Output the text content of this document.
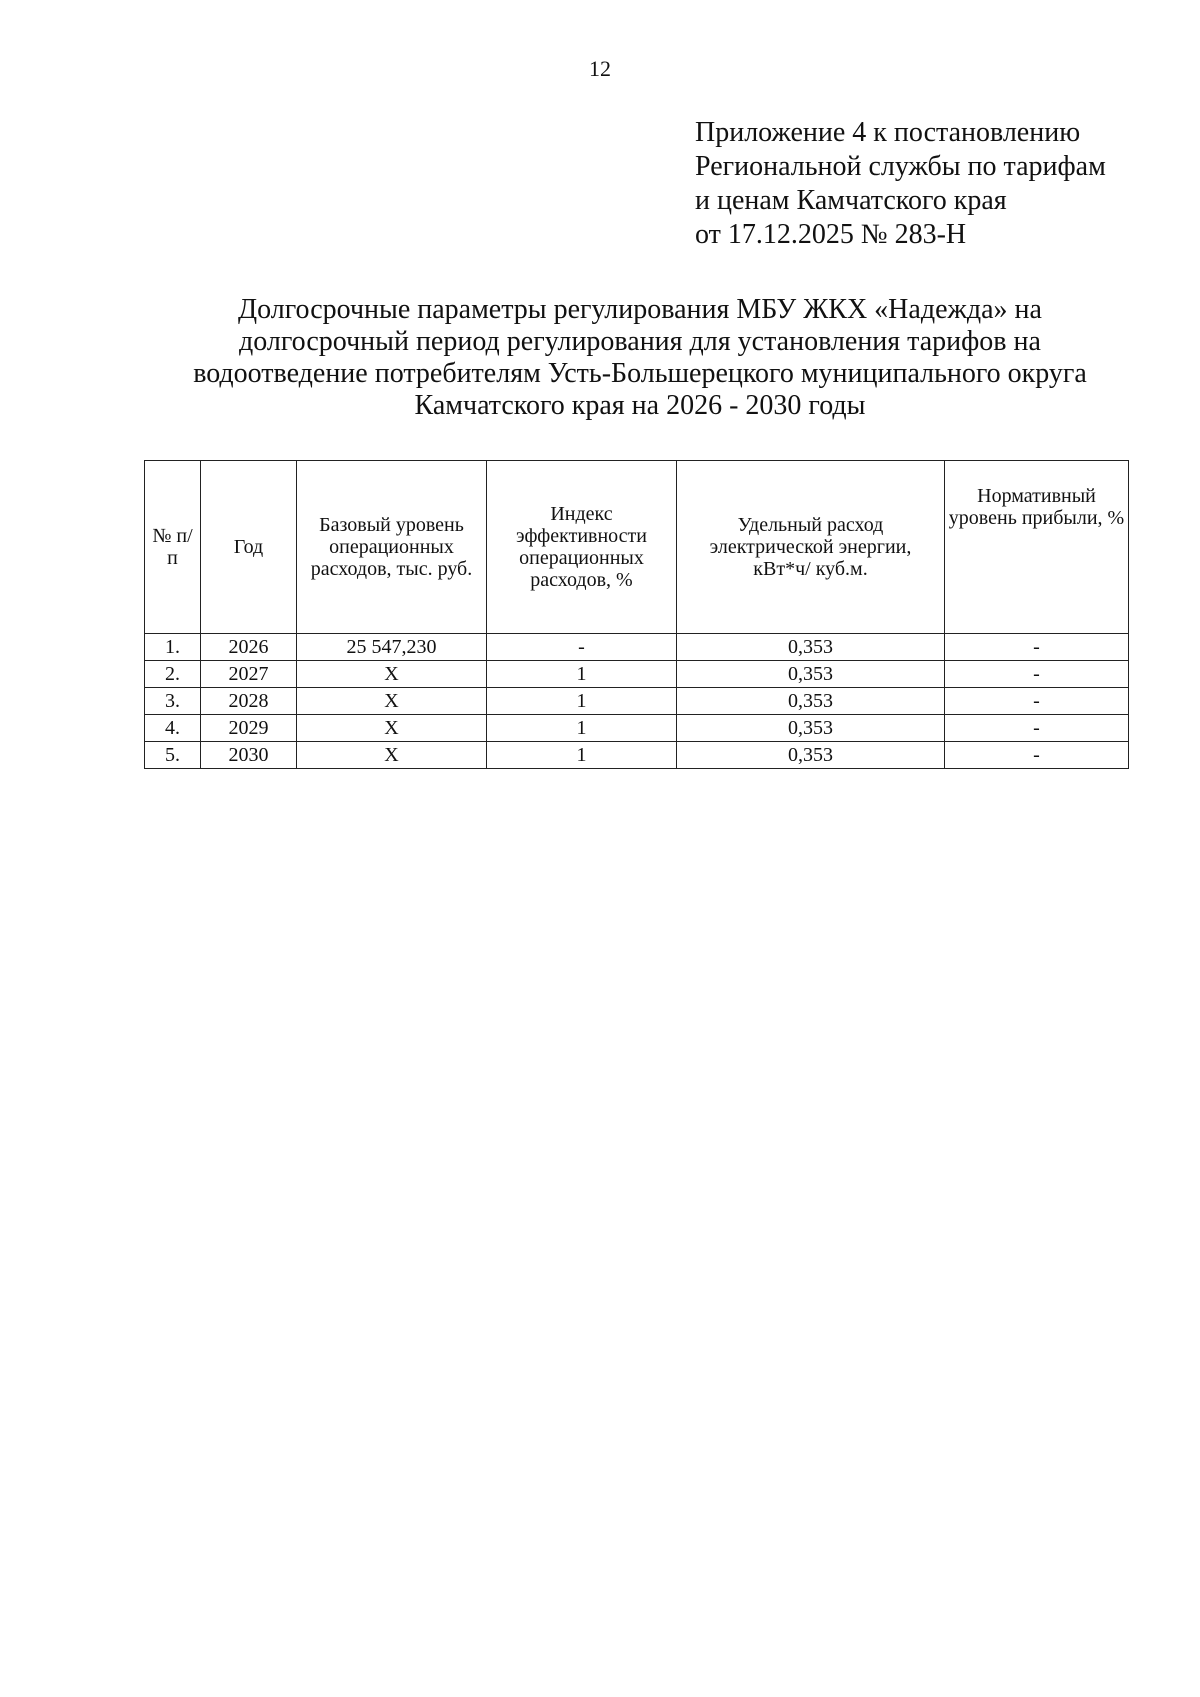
12
Приложение 4 к постановлению
Региональной службы по тарифам
и ценам Камчатского края
от 17.12.2025 № 283-Н
Долгосрочные параметры регулирования МБУ ЖКХ «Надежда» на
долгосрочный период регулирования для установления тарифов на
водоотведение потребителям Усть-Большерецкого муниципального округа
Камчатского края на 2026 - 2030 годы
№ п/п	Год	Базовый уровень операционных расходов, тыс. руб.	Индекс эффективности операционных расходов, %	Удельный расход электрической энергии, кВт*ч/ куб.м.	Нормативный уровень прибыли, %
1.	2026	25 547,230	-	0,353	-
2.	2027	X	1	0,353	-
3.	2028	X	1	0,353	-
4.	2029	X	1	0,353	-
5.	2030	X	1	0,353	-
